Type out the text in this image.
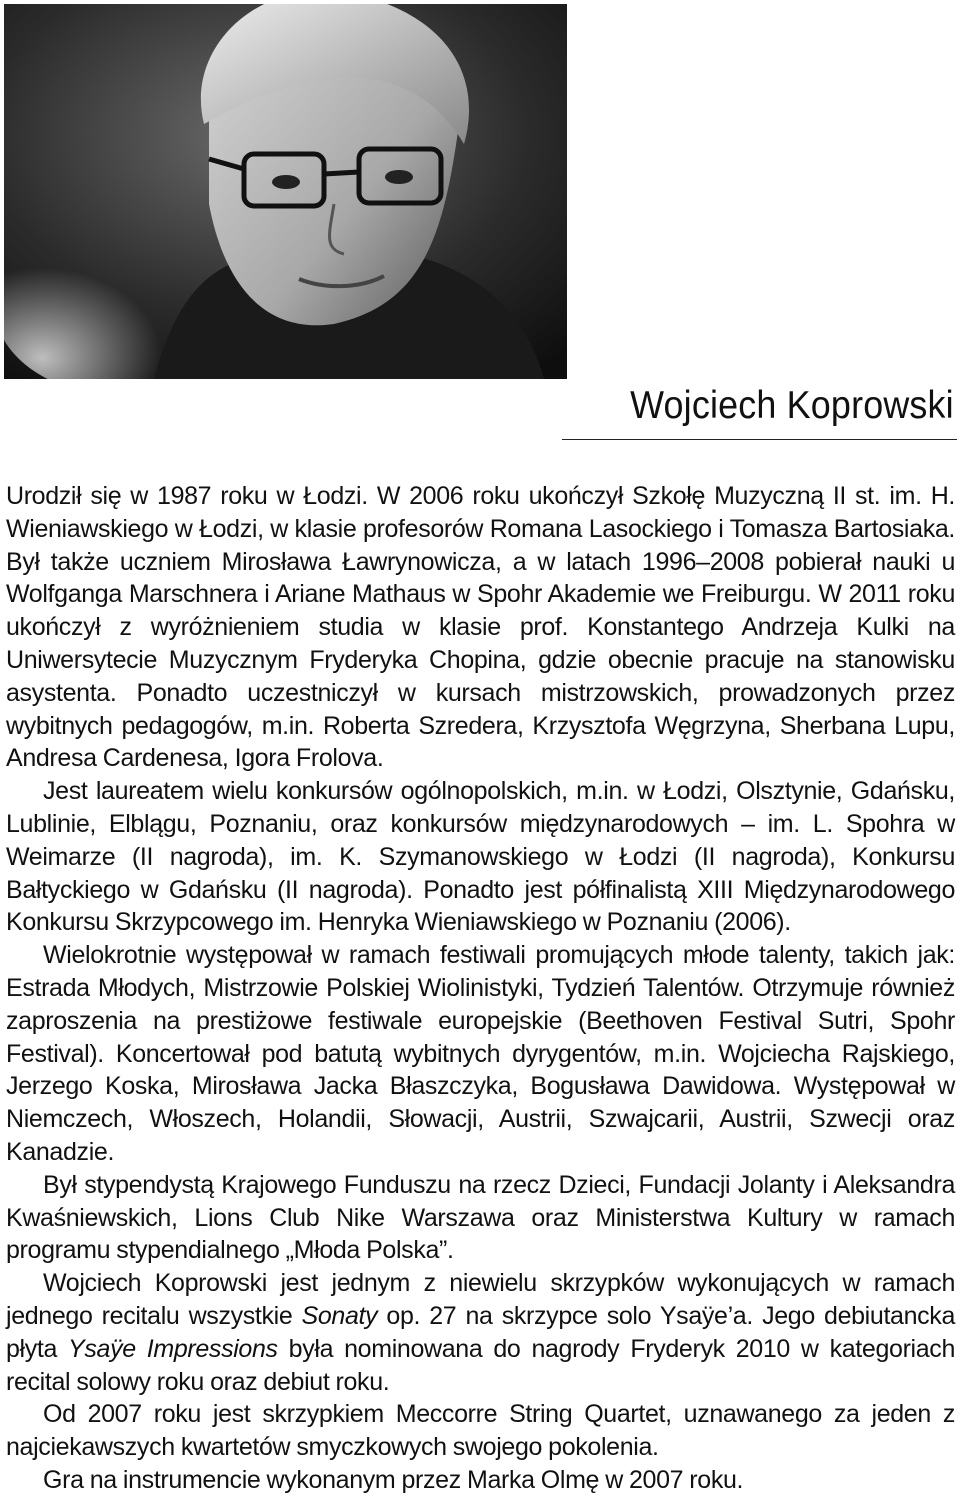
Wojciech Koprowski

Urodził się w 1987 roku w Łodzi. W 2006 roku ukończył Szkołę Muzyczną II st. im. H. Wieniawskiego w Łodzi, w klasie profesorów Romana Lasockiego i Tomasza Bartosiaka. Był także uczniem Mirosława Ławrynowicza, a w latach 1996–2008 pobierał nauki u Wolfganga Marschnera i Ariane Mathaus w Spohr Akademie we Freiburgu. W 2011 roku ukończył z wyróżnieniem studia w klasie prof. Konstantego Andrzeja Kulki na Uniwersytecie Muzycznym Fryderyka Chopina, gdzie obecnie pracuje na stanowisku asystenta. Ponadto uczestniczył w kursach mistrzowskich, prowadzonych przez wybitnych pedagogów, m.in. Roberta Szredera, Krzysztofa Węgrzyna, Sherbana Lupu, Andresa Cardenesa, Igora Frolova.

Jest laureatem wielu konkursów ogólnopolskich, m.in. w Łodzi, Olsztynie, Gdańsku, Lublinie, Elblągu, Poznaniu, oraz konkursów międzynarodowych – im. L. Spohra w Weimarze (II nagroda), im. K. Szymanowskiego w Łodzi (II nagroda), Konkursu Bałtyckiego w Gdańsku (II nagroda). Ponadto jest półfinalistą XIII Międzynarodowego Konkursu Skrzypcowego im. Henryka Wieniawskiego w Poznaniu (2006).

Wielokrotnie występował w ramach festiwali promujących młode talenty, takich jak: Estrada Młodych, Mistrzowie Polskiej Wiolinistyki, Tydzień Talentów. Otrzymuje również zaproszenia na prestiżowe festiwale europejskie (Beethoven Festival Sutri, Spohr Festival). Koncertował pod batutą wybitnych dyrygentów, m.in. Wojciecha Rajskiego, Jerzego Koska, Mirosława Jacka Błaszczyka, Bogusława Dawidowa. Występował w Niemczech, Włoszech, Holandii, Słowacji, Austrii, Szwajcarii, Austrii, Szwecji oraz Kanadzie.

Był stypendystą Krajowego Funduszu na rzecz Dzieci, Fundacji Jolanty i Aleksandra Kwaśniewskich, Lions Club Nike Warszawa oraz Ministerstwa Kultury w ramach programu stypendialnego „Młoda Polska”.

Wojciech Koprowski jest jednym z niewielu skrzypków wykonujących w ramach jednego recitalu wszystkie Sonaty op. 27 na skrzypce solo Ysaÿe’a. Jego debiutancka płyta Ysaÿe Impressions była nominowana do nagrody Fryderyk 2010 w kategoriach recital solowy roku oraz debiut roku.

Od 2007 roku jest skrzypkiem Meccorre String Quartet, uznawanego za jeden z najciekawszych kwartetów smyczkowych swojego pokolenia.

Gra na instrumencie wykonanym przez Marka Olmę w 2007 roku.
